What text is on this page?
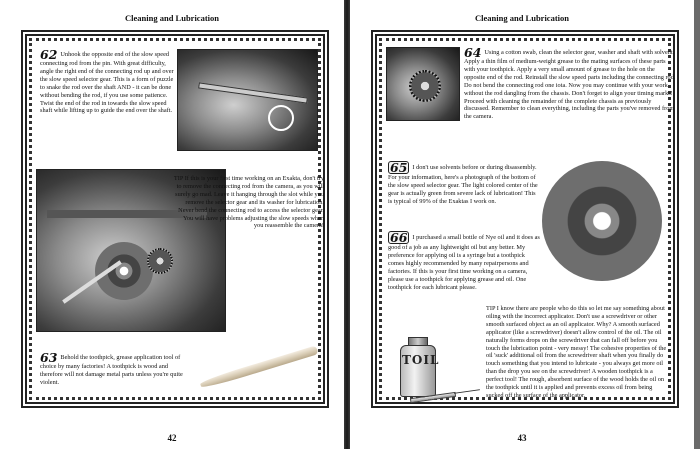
Cleaning and Lubrication
62 Unhook the opposite end of the slow speed connecting rod from the pin. With great difficulty, angle the right end of the connecting rod up and over the slow speed selector gear. This is a form of puzzle to snake the rod over the shaft AND - it can be done without bending the rod, if you use some patience. Twist the end of the rod in towards the slow speed shaft while lifting up to guide the end over the shaft.
TIP If this is your first time working on an Exakta, don't try to remove the connecting rod from the camera, as you will surely go mad. Leave it hanging through the slot while you remove the selector gear and its washer for lubrication. Never bend the connecting rod to access the selector gear. You will have problems adjusting the slow speeds when you reassemble the camera!
63 Behold the toothpick, grease application tool of choice by many factories! A toothpick is wood and therefore will not damage metal parts unless you're quite violent.
42
Cleaning and Lubrication
64 Using a cotton swab, clean the selector gear, washer and shaft with solvent. Apply a thin film of medium-weight grease to the mating surfaces of these parts with your toothpick. Apply a very small amount of grease to the hole on the opposite end of the rod. Reinstall the slow speed parts including the connecting rod. Do not bend the connecting rod one iota. Now you may continue with your work without the rod dangling from the chassis. Don't forget to align your timing marks! Proceed with cleaning the remainder of the complete chassis as previously discussed. Remember to clean everything, including the parts you've removed from the camera.
65 I don't use solvents before or during disassembly. For your information, here's a photograph of the bottom of the slow speed selector gear. The light colored center of the gear is actually green from severe lack of lubrication! This is typical of 99% of the Exaktas I work on.
66 I purchased a small bottle of Nye oil and it does as good of a job as any lightweight oil but any better. My preference for applying oil is a syringe but a toothpick comes highly recommended by many repairpersons and factories. If this is your first time working on a camera, please use a toothpick for applying grease and oil. One toothpick for each lubricant please.
TOIL
TIP I know there are people who do this so let me say something about oiling with the incorrect applicator. Don't use a screwdriver or other smooth surfaced object as an oil applicator. Why? A smooth surfaced applicator (like a screwdriver) doesn't allow control of the oil. The oil naturally forms drops on the screwdriver that can fall off before you touch the lubrication point - very messy! The cohesive properties of the oil 'suck' additional oil from the screwdriver shaft when you finally do touch something that you intend to lubricate - you always get more oil than the drop you see on the screwdriver! A wooden toothpick is a perfect tool! The rough, absorbent surface of the wood holds the oil on the toothpick until it is applied and prevents excess oil from being sucked off the surface of the applicator.
43
